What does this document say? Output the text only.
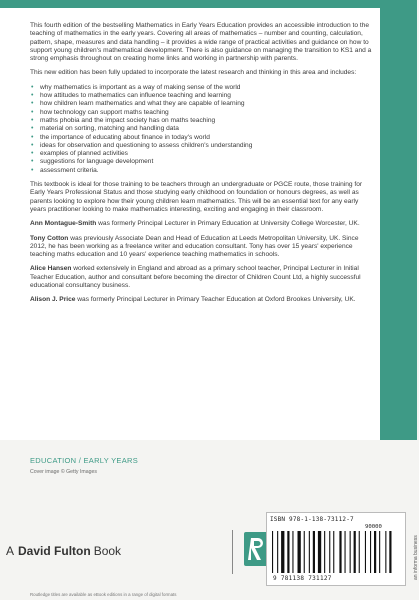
This fourth edition of the bestselling Mathematics in Early Years Education provides an accessible introduction to the teaching of mathematics in the early years. Covering all areas of mathematics – number and counting, calculation, pattern, shape, measures and data handling – it provides a wide range of practical activities and guidance on how to support young children's mathematical development. There is also guidance on managing the transition to KS1 and a strong emphasis throughout on creating home links and working in partnership with parents.

This new edition has been fully updated to incorporate the latest research and thinking in this area and includes:

• why mathematics is important as a way of making sense of the world
• how attitudes to mathematics can influence teaching and learning
• how children learn mathematics and what they are capable of learning
• how technology can support maths teaching
• maths phobia and the impact society has on maths teaching
• material on sorting, matching and handling data
• the importance of educating about finance in today's world
• ideas for observation and questioning to assess children's understanding
• examples of planned activities
• suggestions for language development
• assessment criteria.

This textbook is ideal for those training to be teachers through an undergraduate or PGCE route, those training for Early Years Professional Status and those studying early childhood on foundation or honours degrees, as well as parents looking to explore how their young children learn mathematics. This will be an essential text for any early years practitioner looking to make mathematics interesting, exciting and engaging in their classroom.

Ann Montague-Smith was formerly Principal Lecturer in Primary Education at University College Worcester, UK.

Tony Cotton was previously Associate Dean and Head of Education at Leeds Metropolitan University, UK. Since 2012, he has been working as a freelance writer and education consultant. Tony has over 15 years' experience teaching maths education and 10 years' experience teaching mathematics in schools.

Alice Hansen worked extensively in England and abroad as a primary school teacher, Principal Lecturer in Initial Teacher Education, author and consultant before becoming the director of Children Count Ltd, a highly successful educational consultancy business.

Alison J. Price was formerly Principal Lecturer in Primary Teacher Education at Oxford Brookes University, UK.

EDUCATION / EARLY YEARS
Cover image © Getty Images
A David Fulton Book
ISBN 978-1-138-73112-7
90000
9 781138 731127	an informa business
Routledge titles are available as eBook editions in a range of digital formats
